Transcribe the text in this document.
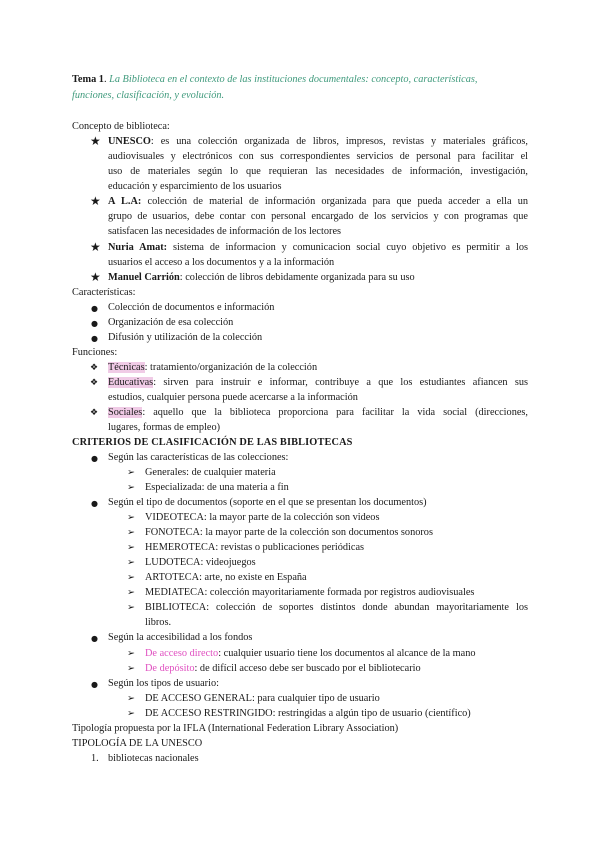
Tema 1. La Biblioteca en el contexto de las instituciones documentales: concepto, características,
funciones, clasificación, y evolución.
Concepto de biblioteca:
★ UNESCO: es una colección organizada de libros, impresos, revistas y materiales gráficos,
audiovisuales y electrónicos con sus correspondientes servicios de personal para facilitar el
uso de materiales según lo que requieran las necesidades de información, investigación,
educación y esparcimiento de los usuarios
★ A L.A: colección de material de información organizada para que pueda acceder a ella un
grupo de usuarios, debe contar con personal encargado de los servicios y con programas que
satisfacen las necesidades de información de los lectores
★ Nuria Amat: sistema de informacion y comunicacion social cuyo objetivo es permitir a los
usuarios el acceso a los documentos y a la información
★ Manuel Carrión: colección de libros debidamente organizada para su uso
Características:
● Colección de documentos e información
● Organización de esa colección
● Difusión y utilización de la colección
Funciones:
❖ Técnicas: tratamiento/organización de la colección
❖ Educativas: sirven para instruir e informar, contribuye a que los estudiantes afiancen sus
estudios, cualquier persona puede acercarse a la información
❖ Sociales: aquello que la biblioteca proporciona para facilitar la vida social (direcciones,
lugares, formas de empleo)
CRITERIOS DE CLASIFICACIÓN DE LAS BIBLIOTECAS
● Según las características de las colecciones:
➢ Generales: de cualquier materia
➢ Especializada: de una materia a fin
● Según el tipo de documentos (soporte en el que se presentan los documentos)
➢ VIDEOTECA: la mayor parte de la colección son videos
➢ FONOTECA: la mayor parte de la colección son documentos sonoros
➢ HEMEROTECA: revistas o publicaciones periódicas
➢ LUDOTECA: videojuegos
➢ ARTOTECA: arte, no existe en España
➢ MEDIATECA: colección mayoritariamente formada por registros audiovisuales
➢ BIBLIOTECA: colección de soportes distintos donde abundan mayoritariamente los
libros.
● Según la accesibilidad a los fondos
➢ De acceso directo: cualquier usuario tiene los documentos al alcance de la mano
➢ De depósito: de difícil acceso debe ser buscado por el bibliotecario
● Según los tipos de usuario:
➢ DE ACCESO GENERAL: para cualquier tipo de usuario
➢ DE ACCESO RESTRINGIDO: restringidas a algún tipo de usuario (científico)
Tipología propuesta por la IFLA (International Federation Library Association)
TIPOLOGÍA DE LA UNESCO
1. bibliotecas nacionales
